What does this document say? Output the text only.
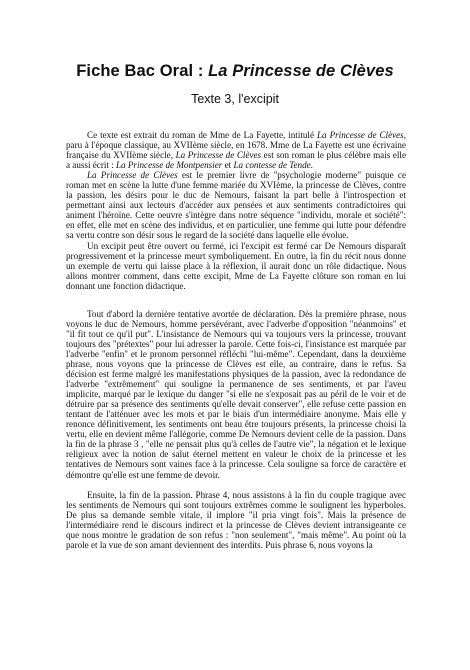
Fiche Bac Oral : La Princesse de Clèves
Texte 3, l'excipit

Ce texte est extrait du roman de Mme de La Fayette, intitulé La Princesse de Clèves, paru à l'époque classique, au XVIIème siècle, en 1678. Mme de La Fayette est une écrivaine française du XVIIème siècle, La Princesse de Clèves est son roman le plus célèbre mais elle a aussi écrit : La Princesse de Montpensier et La contesse de Tende.

La Princesse de Clèves est le premier livre de "psychologie moderne" puisque ce roman met en scène la lutte d'une femme mariée du XVIème, la princesse de Clèves, contre la passion, les désirs pour le duc de Nemours, faisant la part belle à l'introspection et permettant ainsi aux lecteurs d'accéder aux pensées et aux sentiments contradictoires qui animent l'héroïne. Cette oeuvre s'intègre dans notre séquence "individu, morale et société": en effet, elle met en scène des individus, et en particulier, une femme qui lutte pour défendre sa vertu contre son désir sous le regard de la société dans laquelle elle évolue.

Un excipit peut être ouvert ou fermé, ici l'excipit est fermé car De Nemours disparaît progressivement et la princesse meurt symboliquement. En outre, la fin du récit nous donne un exemple de vertu qui laisse place à la réflexion, il aurait donc un rôle didactique. Nous allons montrer comment, dans cette excipit, Mme de La Fayette clôture son roman en lui donnant une fonction didactique.

Tout d'abord la dernière tentative avortée de déclaration. Dès la première phrase, nous voyons le duc de Nemours, homme persévérant, avec l'adverbe d'opposition "néanmoins" et "il fit tout ce qu'il put". L'insistance de Nemours qui va toujours vers la princesse, trouvant toujours des "prétextes" pour lui adresser la parole. Cette fois-ci, l'insistance est marquée par l'adverbe "enfin" et le pronom personnel réfléchi "lui-même". Cependant, dans la deuxième phrase, nous voyons que la princesse de Clèves est elle, au contraire, dans le refus. Sa décision est ferme malgré les manifestations physiques de la passion, avec la redondance de l'adverbe "extrêmement" qui souligne la permanence de ses sentiments, et par l'aveu implicite, marqué par le lexique du danger "si elle ne s'exposait pas au péril de le voir et de détruire par sa présence des sentiments qu'elle devait conserver", elle refuse cette passion en tentant de l'atténuer avec les mots et par le biais d'un intermédiaire anonyme. Mais elle y renonce définitivement, les sentiments ont beau être toujours présents, la princesse choisi la vertu, elle en devient même l'allégorie, comme De Nemours devient celle de la passion. Dans la fin de la phrase 3 , "elle ne pensait plus qu'à celles de l'autre vie", la négation et le lexique religieux avec la notion de salut éternel mettent en valeur le choix de la princesse et les tentatives de Nemours sont vaines face à la princesse. Cela souligne sa force de caractère et démontre qu'elle est une femme de devoir.

Ensuite, la fin de la passion. Phrase 4, nous assistons à la fin du couple tragique avec les sentiments de Nemours qui sont toujours extrêmes comme le soulignent les hyperboles. De plus sa demande semble vitale, il implore "il pria vingt fois". Mais la présence de l'intermédiaire rend le discours indirect et la princesse de Clèves devient intransigeante ce que nous montre le gradation de son refus : "non seulement", "mais même". Au point où la parole et la vue de son amant deviennent des interdits. Puis phrase 6, nous voyons la
